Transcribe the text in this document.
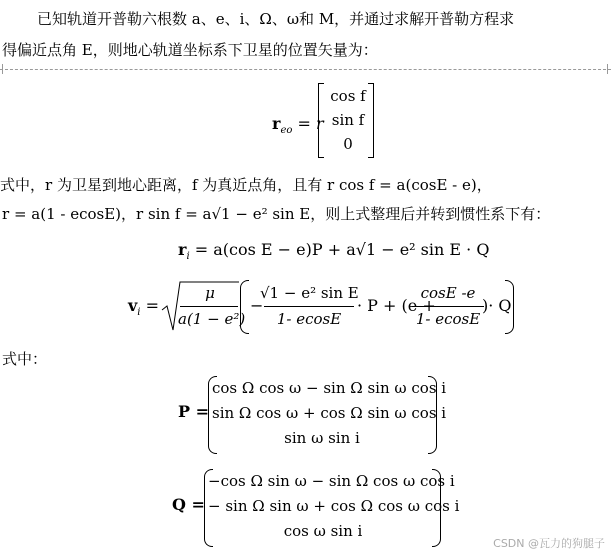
已知轨道开普勒六根数 a、e、i、Ω、ω和 M，并通过求解开普勒方程求
得偏近点角 E，则地心轨道坐标系下卫星的位置矢量为：
$r_{eo} = r$
cos f
sin f
0
式中，r 为卫星到地心距离，f 为真近点角，且有 r cos f = a(cosE - e)，
r = a(1 - ecosE)，r sin f = a√1 − e² sin E，则上式整理后并转到惯性系下有：
$r_i = a(\cos$ E − e)P + a√1 − e² sin E · Q
$v_i$ =
μ
a(1 − e²)
−
√1 − e² sin E
1- ecosE
· P + (e +
cosE -e
1- ecosE
)· Q
式中：
P =
cos Ω cos ω − sin Ω sin ω cos i
sin Ω cos ω + cos Ω sin ω cos i
sin ω sin i
Q =
−cos Ω sin ω − sin Ω cos ω cos i
− sin Ω sin ω + cos Ω cos ω cos i
cos ω sin i
CSDN @瓦力的狗腿子
